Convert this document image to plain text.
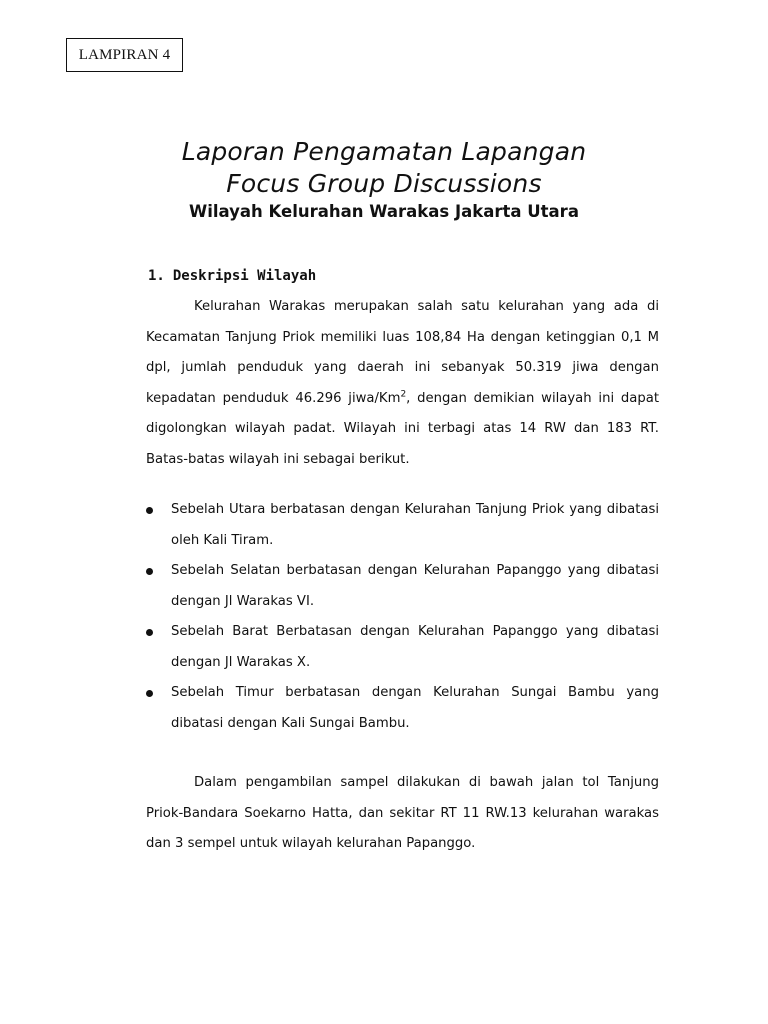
LAMPIRAN 4
Laporan Pengamatan Lapangan
Focus Group Discussions
Wilayah Kelurahan Warakas Jakarta Utara
1. Deskripsi Wilayah

Kelurahan Warakas merupakan salah satu kelurahan yang ada di Kecamatan Tanjung Priok memiliki luas 108,84 Ha dengan ketinggian 0,1 M dpl, jumlah penduduk yang daerah ini sebanyak 50.319 jiwa dengan kepadatan penduduk 46.296 jiwa/Km$^2$, dengan demikian wilayah ini dapat digolongkan wilayah padat. Wilayah ini terbagi atas 14 RW dan 183 RT. Batas-batas wilayah ini sebagai berikut.

Sebelah Utara berbatasan dengan Kelurahan Tanjung Priok yang dibatasi oleh Kali Tiram.
Sebelah Selatan berbatasan dengan Kelurahan Papanggo yang dibatasi dengan Jl Warakas VI.
Sebelah Barat Berbatasan dengan Kelurahan Papanggo yang dibatasi dengan Jl Warakas X.
Sebelah Timur berbatasan dengan Kelurahan Sungai Bambu yang dibatasi dengan Kali Sungai Bambu.

Dalam pengambilan sampel dilakukan di bawah jalan tol Tanjung Priok-Bandara Soekarno Hatta, dan sekitar RT 11 RW.13 kelurahan warakas dan 3 sempel untuk wilayah kelurahan Papanggo.
